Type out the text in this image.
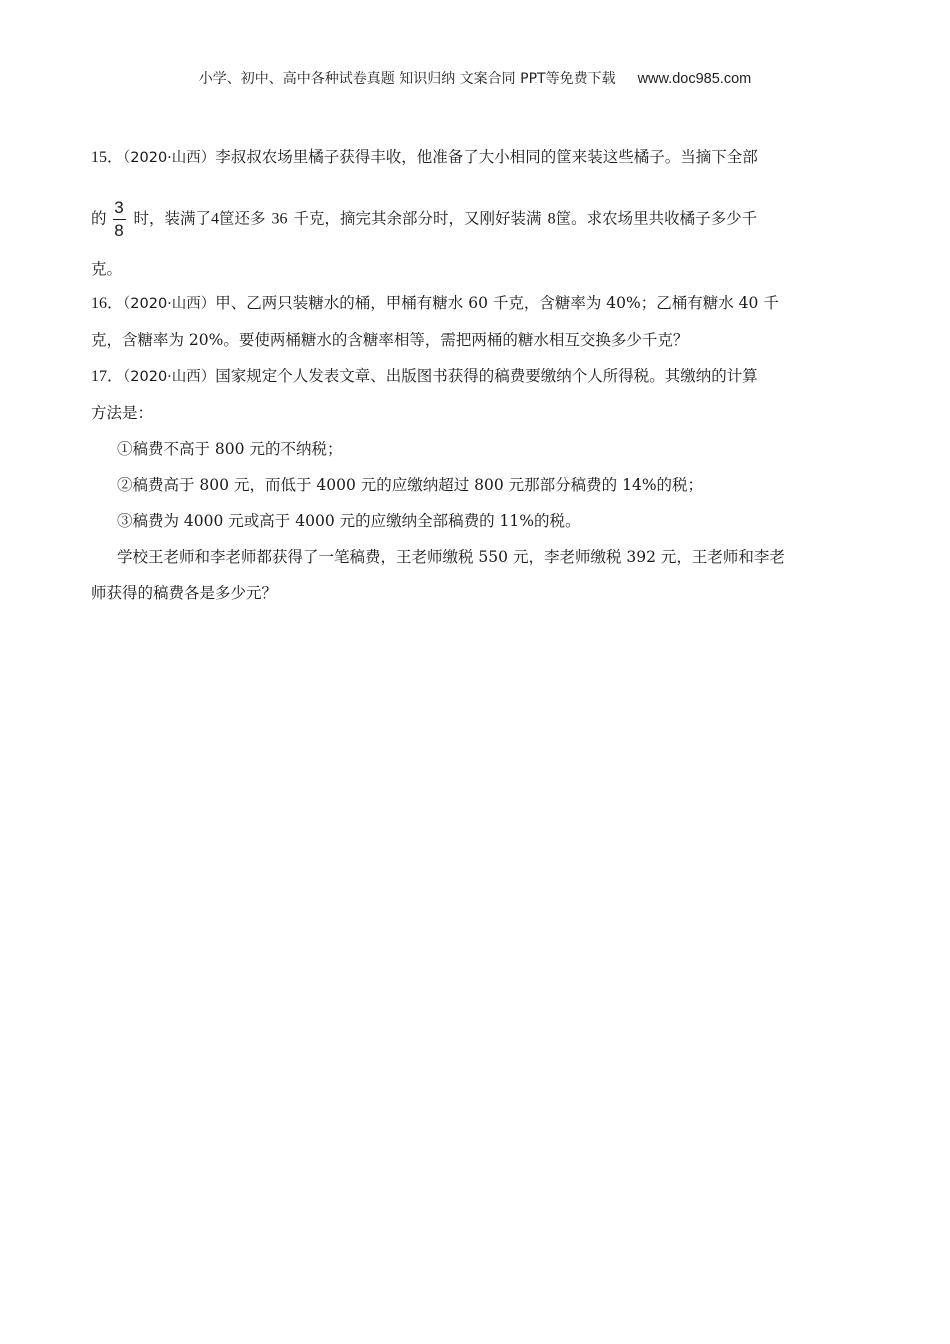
小学、初中、高中各种试卷真题 知识归纳 文案合同 PPT等免费下载 www.doc985.com
15．（2020·山西）李叔叔农场里橘子获得丰收，他准备了大小相同的筐来装这些橘子。当摘下全部
的 $\frac{3}{8}$ 时，装满了4筐还多 36 千克，摘完其余部分时，又刚好装满 8筐。求农场里共收橘子多少千
克。
16．（2020·山西）甲、乙两只装糖水的桶，甲桶有糖水 60 千克，含糖率为 40%；乙桶有糖水 40 千
克，含糖率为 20%。要使两桶糖水的含糖率相等，需把两桶的糖水相互交换多少千克？
17．（2020·山西）国家规定个人发表文章、出版图书获得的稿费要缴纳个人所得税。其缴纳的计算
方法是：
①稿费不高于 800 元的不纳税；
②稿费高于 800 元，而低于 4000 元的应缴纳超过 800 元那部分稿费的 14%的税；
③稿费为 4000 元或高于 4000 元的应缴纳全部稿费的 11%的税。
学校王老师和李老师都获得了一笔稿费，王老师缴税 550 元，李老师缴税 392 元，王老师和李老
师获得的稿费各是多少元？
